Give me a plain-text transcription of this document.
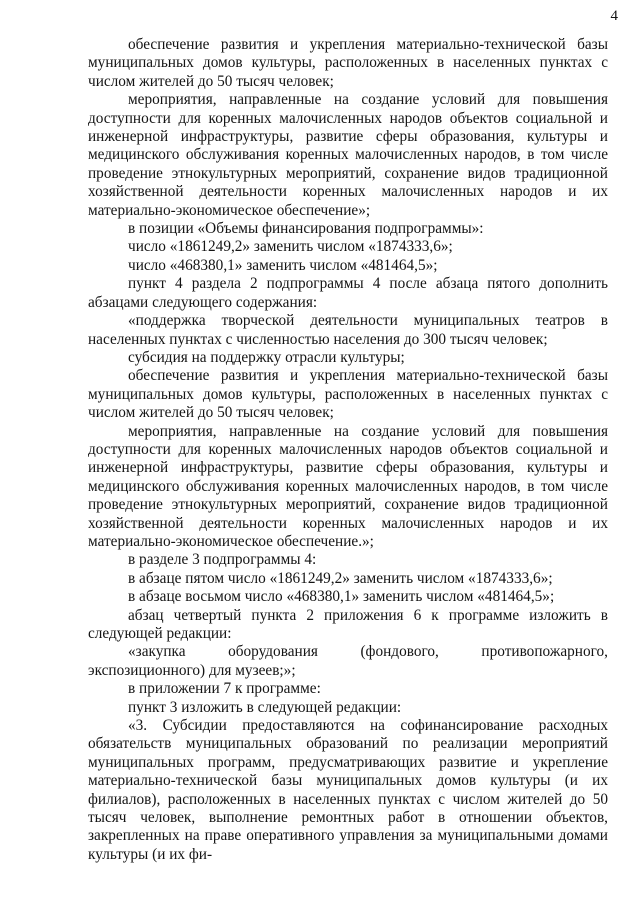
4

обеспечение развития и укрепления материально-технической базы муниципальных домов культуры, расположенных в населенных пунктах с числом жителей до 50 тысяч человек;

мероприятия, направленные на создание условий для повышения доступности для коренных малочисленных народов объектов социальной и инженерной инфраструктуры, развитие сферы образования, культуры и медицинского обслуживания коренных малочисленных народов, в том числе проведение этнокультурных мероприятий, сохранение видов традиционной хозяйственной деятельности коренных малочисленных народов и их материально-экономическое обеспечение»;

в позиции «Объемы финансирования подпрограммы»:

число «1861249,2» заменить числом «1874333,6»;

число «468380,1» заменить числом «481464,5»;

пункт 4 раздела 2 подпрограммы 4 после абзаца пятого дополнить абзацами следующего содержания:

«поддержка творческой деятельности муниципальных театров в населенных пунктах с численностью населения до 300 тысяч человек;

субсидия на поддержку отрасли культуры;

обеспечение развития и укрепления материально-технической базы муниципальных домов культуры, расположенных в населенных пунктах с числом жителей до 50 тысяч человек;

мероприятия, направленные на создание условий для повышения доступности для коренных малочисленных народов объектов социальной и инженерной инфраструктуры, развитие сферы образования, культуры и медицинского обслуживания коренных малочисленных народов, в том числе проведение этнокультурных мероприятий, сохранение видов традиционной хозяйственной деятельности коренных малочисленных народов и их материально-экономическое обеспечение.»;

в разделе 3 подпрограммы 4:

в абзаце пятом число «1861249,2» заменить числом «1874333,6»;

в абзаце восьмом число «468380,1» заменить числом «481464,5»;

абзац четвертый пункта 2 приложения 6 к программе изложить в следующей редакции:

«закупка оборудования (фондового, противопожарного, экспозиционного) для музеев;»;

в приложении 7 к программе:

пункт 3 изложить в следующей редакции:

«3. Субсидии предоставляются на софинансирование расходных обязательств муниципальных образований по реализации мероприятий муниципальных программ, предусматривающих развитие и укрепление материально-технической базы муниципальных домов культуры (и их филиалов), расположенных в населенных пунктах с числом жителей до 50 тысяч человек, выполнение ремонтных работ в отношении объектов, закрепленных на праве оперативного управления за муниципальными домами культуры (и их фи-
